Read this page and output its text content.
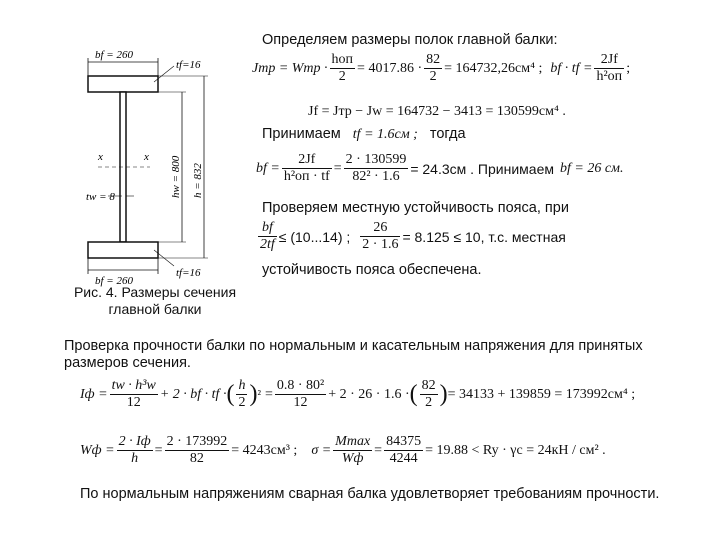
bf = 260
tf=16
x	x
tw = 8	hw = 800 h = 832
bf = 260
tf=16
Рис. 4. Размеры сечения
главной балки
Определяем размеры полок главной балки:
Jтр = Wтр · $\frac{\text{hоп}}{2} = 4017.86 \cdot \frac{82}{2} = 164732,26см^4$ ; bf · tf = $\frac{2Jf}{\text{h²оп}}$ ;
Jf = Jтр − Jw = 164732 − 3413 = 130599см⁴ .
Принимаем tf = 1.6см ; тогда
bf = $\frac{2Jf}{\text{h²оп · tf}} = \frac{2 \cdot 130599}{\text{82² · 1.6}} = 24.3см$ . Принимаем bf = 26 см.
Проверяем местную устойчивость пояса, при
$\frac{bf}{2tf} \le (10...14)$ ; $\frac{26}{2 \cdot 1.6} = 8.125 \le 10$, т.с. местная
устойчивость пояса обеспечена.
Проверка прочности балки по нормальным и касательным напряжения для принятых
размеров сечения.
Iф = $\frac{\text{tw · h³w}}{12} + 2$ · bf · tf · ( $\frac{h}{2}$ ) $^2 = \frac{\text{0.8 · 80²}}{12} + 2 \cdot 26 \cdot 1.6$ · ( $\frac{82}{2}$ ) = 34133 + 139859 = 173992см⁴ ;
Wф = $\frac{2 \cdot Iф}{h} = \frac{2 \cdot 173992}{82} = 4243см^3$ ; $\sigma = \frac{Mmax}{Wф} = \frac{84375}{4244} = 19.88 < Ry \cdot \gamma c = 24кН / см^2$ .
По нормальным напряжениям сварная балка удовлетворяет требованиям прочности.
